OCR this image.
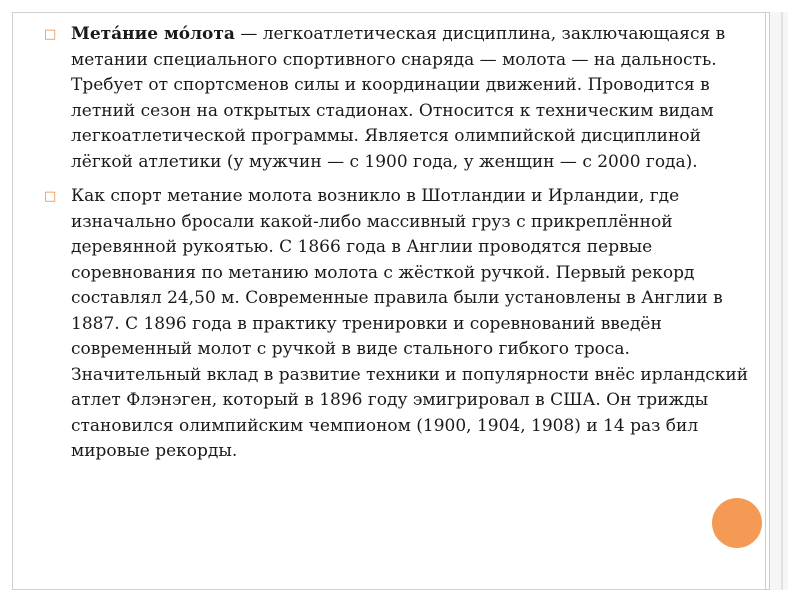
□ Мета́ние мо́лота — легкоатлетическая дисциплина, заключающаяся в метании специального спортивного снаряда — молота — на дальность. Требует от спортсменов силы и координации движений. Проводится в летний сезон на открытых стадионах. Относится к техническим видам легкоатлетической программы. Является олимпийской дисциплиной лёгкой атлетики (у мужчин — с 1900 года, у женщин — с 2000 года).

□ Как спорт метание молота возникло в Шотландии и Ирландии, где изначально бросали какой-либо массивный груз с прикреплённой деревянной рукоятью. С 1866 года в Англии проводятся первые соревнования по метанию молота с жёсткой ручкой. Первый рекорд составлял 24,50 м. Современные правила были установлены в Англии в 1887. С 1896 года в практику тренировки и соревнований введён современный молот с ручкой в виде стального гибкого троса. Значительный вклад в развитие техники и популярности внёс ирландский атлет Флэнэген, который в 1896 году эмигрировал в США. Он трижды становился олимпийским чемпионом (1900, 1904, 1908) и 14 раз бил мировые рекорды.
